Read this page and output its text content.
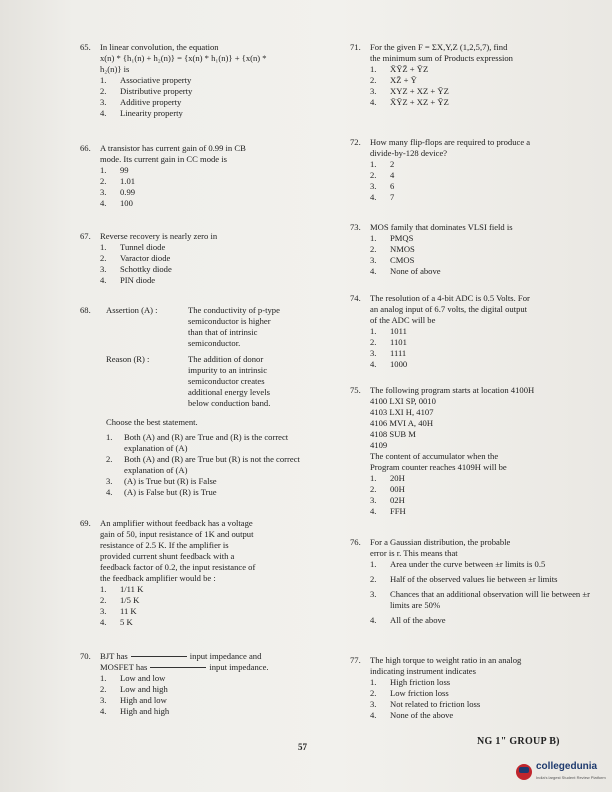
65. In linear convolution, the equation
x(n) * {h₁(n) + h₂(n)} = {x(n) * h₁(n)} + {x(n) *
h₂(n)} is
1.	Associative property
2.	Distributive property
3.	Additive property
4.	Linearity property
66. A transistor has current gain of 0.99 in CB
mode. Its current gain in CC mode is
1.	99
2.	1.01
3.	0.99
4.	100
67. Reverse recovery is nearly zero in
1.	Tunnel diode
2.	Varactor diode
3.	Schottky diode
4.	PIN diode
68. Assertion (A) :	The conductivity of p-type
semiconductor is higher
than that of intrinsic
semiconductor.
Reason (R) :	The addition of donor
impurity to an intrinsic
semiconductor creates
additional energy levels
below conduction band.
Choose the best statement.
1.	Both (A) and (R) are True and (R) is the correct explanation of (A)
2.	Both (A) and (R) are True but (R) is not the correct explanation of (A)
3.	(A) is True but (R) is False
4.	(A) is False but (R) is True
69. An amplifier without feedback has a voltage
gain of 50, input resistance of 1K and output
resistance of 2.5 K. If the amplifier is
provided current shunt feedback with a
feedback factor of 0.2, the input resistance of
the feedback amplifier would be :
1.	1/11 K
2.	1/5 K
3.	11 K
4.	5 K
70. BJT has	input impedance and
MOSFET has	input impedance.
1.	Low and low
2.	Low and high
3.	High and low
4.	High and high
71. For the given F = ΣX,Y,Z (1,2,5,7), find
the minimum sum of Products expression
1.	X̄ȲZ̄ + ȲZ
2.	XZ̄ + Ȳ
3.	XYZ + XZ + ȲZ
4.	X̄ȲZ + XZ + ȲZ
72. How many flip-flops are required to produce a
divide-by-128 device?
1.	2
2.	4
3.	6
4.	7
73. MOS family that dominates VLSI field is
1.	PMQS
2.	NMOS
3.	CMOS
4.	None of above
74. The resolution of a 4-bit ADC is 0.5 Volts. For
an analog input of 6.7 volts, the digital output
of the ADC will be
1.	1011
2.	1101
3.	1111
4.	1000
75. The following program starts at location 4100H
4100 LXI SP, 0010
4103 LXI H, 4107
4106 MVI A, 40H
4108 SUB M
4109
The content of accumulator when the
Program counter reaches 4109H will be
1.	20H
2.	00H
3.	02H
4.	FFH
76. For a Gaussian distribution, the probable
error is r. This means that
1.	Area under the curve between ±r limits is 0.5
2.	Half of the observed values lie between ±r limits
3.	Chances that an additional observation will lie between ±r limits are 50%
4.	All of the above
77. The high torque to weight ratio in an analog
indicating instrument indicates
1.	High friction loss
2.	Low friction loss
3.	Not related to friction loss
4.	None of the above
57	NG 1" GROUP B)
collegedunia
India's largest Student Review Platform
